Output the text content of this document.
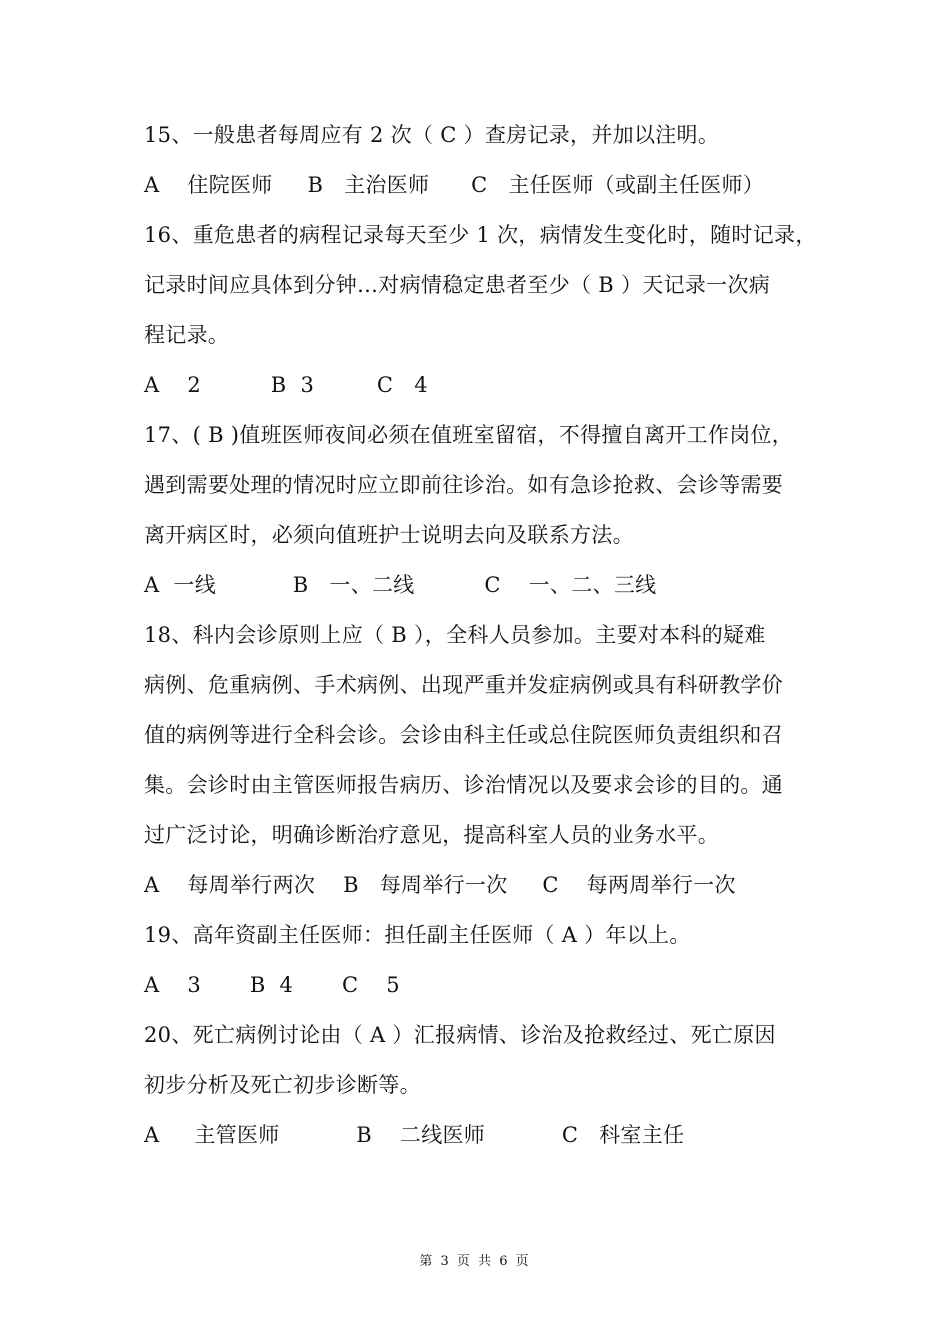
15、一般患者每周应有 2 次（ C ）查房记录，并加以注明。
A    住院医师     B   主治医师      C   主任医师（或副主任医师）
16、重危患者的病程记录每天至少 1 次，病情发生变化时，随时记录，
记录时间应具体到分钟…对病情稳定患者至少（ B ）天记录一次病
程记录。
A    2          B  3         C   4
17、( B )值班医师夜间必须在值班室留宿，不得擅自离开工作岗位，
遇到需要处理的情况时应立即前往诊治。如有急诊抢救、会诊等需要
离开病区时，必须向值班护士说明去向及联系方法。
A  一线           B   一、二线          C    一、二、三线
18、科内会诊原则上应（ B ），全科人员参加。主要对本科的疑难
病例、危重病例、手术病例、出现严重并发症病例或具有科研教学价
值的病例等进行全科会诊。会诊由科主任或总住院医师负责组织和召
集。会诊时由主管医师报告病历、诊治情况以及要求会诊的目的。通
过广泛讨论，明确诊断治疗意见，提高科室人员的业务水平。
A    每周举行两次    B   每周举行一次     C    每两周举行一次
19、高年资副主任医师：担任副主任医师（ A ）年以上。
A    3       B  4       C    5
20、死亡病例讨论由（ A ）汇报病情、诊治及抢救经过、死亡原因
初步分析及死亡初步诊断等。
A     主管医师           B    二线医师           C   科室主任
第 3 页 共 6 页
